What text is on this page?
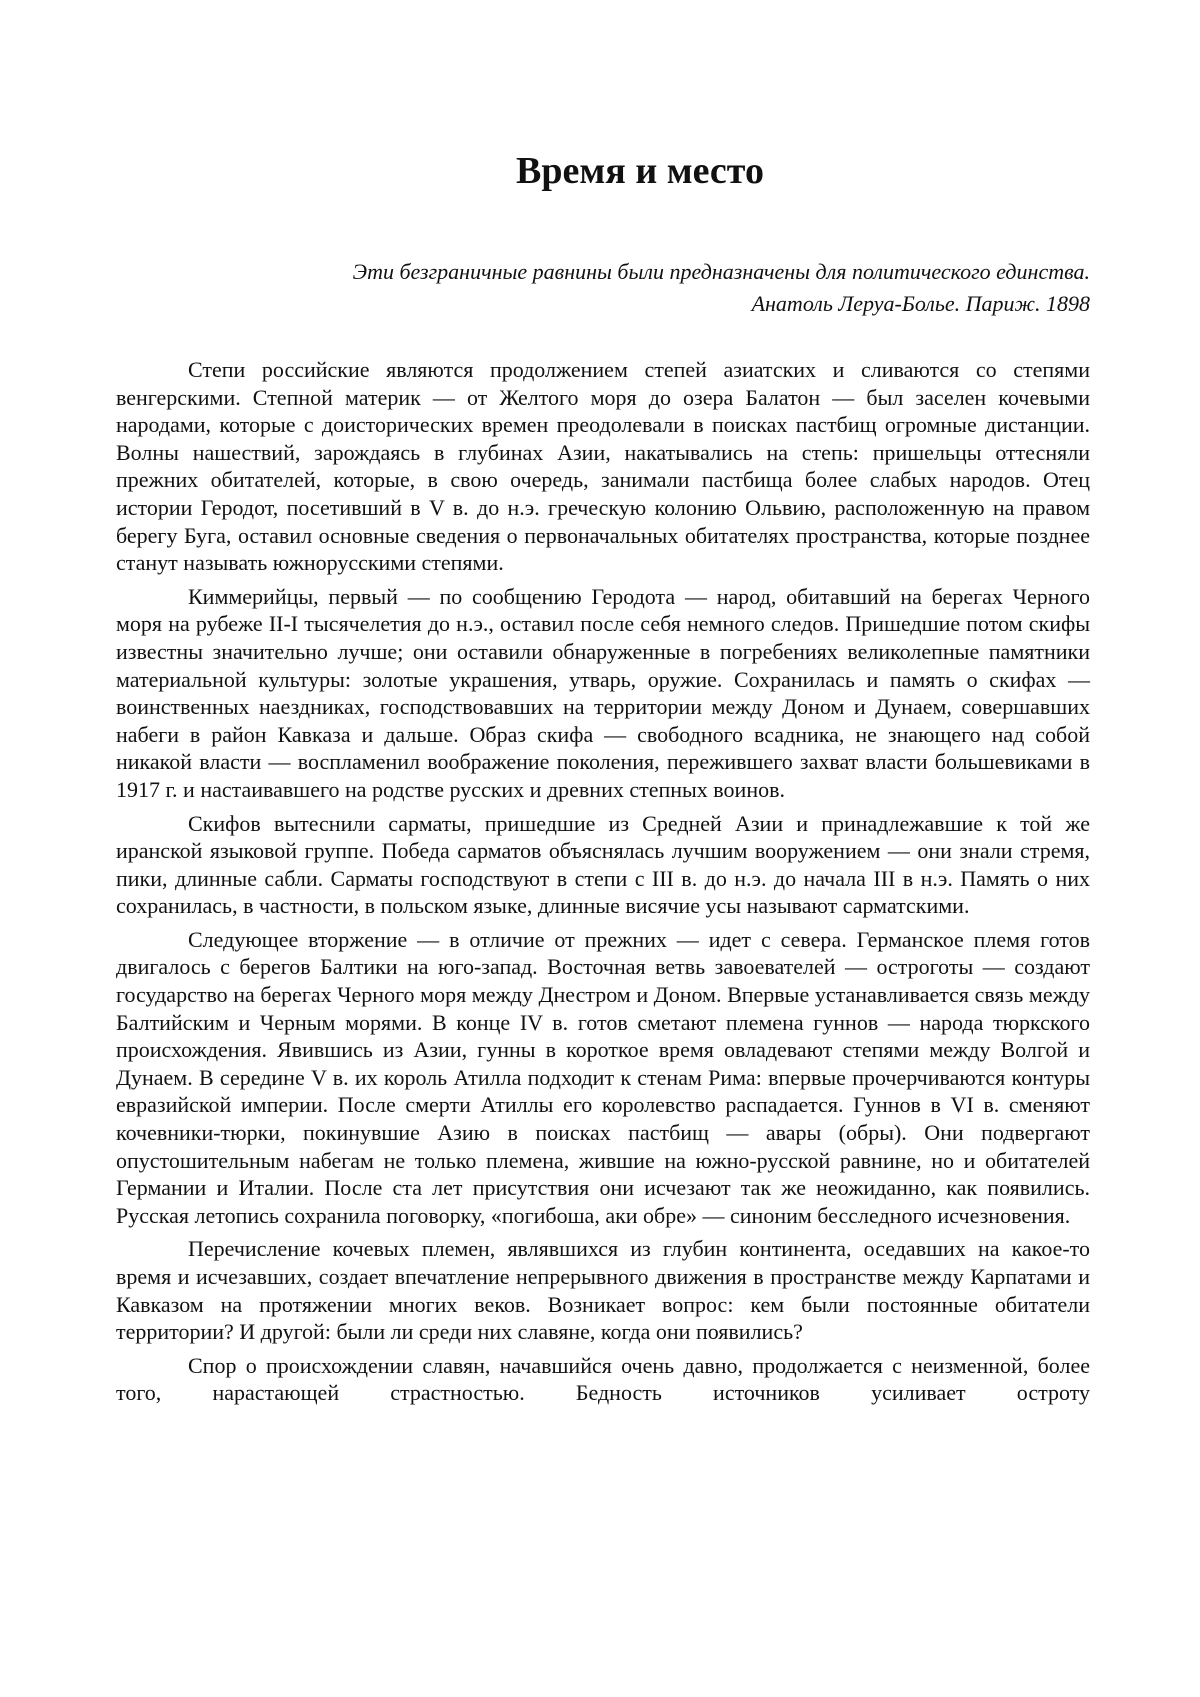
Время и место
Эти безграничные равнины были предназначены для политического единства.
Анатоль Леруа-Болье. Париж. 1898

Степи российские являются продолжением степей азиатских и сливаются со степями венгерскими. Степной материк — от Желтого моря до озера Балатон — был заселен кочевыми народами, которые с доисторических времен преодолевали в поисках пастбищ огромные дистанции. Волны нашествий, зарождаясь в глубинах Азии, накатывались на степь: пришельцы оттесняли прежних обитателей, которые, в свою очередь, занимали пастбища более слабых народов. Отец истории Геродот, посетивший в V в. до н.э. греческую колонию Ольвию, расположенную на правом берегу Буга, оставил основные сведения о первоначальных обитателях пространства, которые позднее станут называть южнорусскими степями.

Киммерийцы, первый — по сообщению Геродота — народ, обитавший на берегах Черного моря на рубеже II-I тысячелетия до н.э., оставил после себя немного следов. Пришедшие потом скифы известны значительно лучше; они оставили обнаруженные в погребениях великолепные памятники материальной культуры: золотые украшения, утварь, оружие. Сохранилась и память о скифах — воинственных наездниках, господствовавших на территории между Доном и Дунаем, совершавших набеги в район Кавказа и дальше. Образ скифа — свободного всадника, не знающего над собой никакой власти — воспламенил воображение поколения, пережившего захват власти большевиками в 1917 г. и настаивавшего на родстве русских и древних степных воинов.

Скифов вытеснили сарматы, пришедшие из Средней Азии и принадлежавшие к той же иранской языковой группе. Победа сарматов объяснялась лучшим вооружением — они знали стремя, пики, длинные сабли. Сарматы господствуют в степи с III в. до н.э. до начала III в н.э. Память о них сохранилась, в частности, в польском языке, длинные висячие усы называют сарматскими.

Следующее вторжение — в отличие от прежних — идет с севера. Германское племя готов двигалось с берегов Балтики на юго-запад. Восточная ветвь завоевателей — остроготы — создают государство на берегах Черного моря между Днестром и Доном. Впервые устанавливается связь между Балтийским и Черным морями. В конце IV в. готов сметают племена гуннов — народа тюркского происхождения. Явившись из Азии, гунны в короткое время овладевают степями между Волгой и Дунаем. В середине V в. их король Атилла подходит к стенам Рима: впервые прочерчиваются контуры евразийской империи. После смерти Атиллы его королевство распадается. Гуннов в VI в. сменяют кочевники-тюрки, покинувшие Азию в поисках пастбищ — авары (обры). Они подвергают опустошительным набегам не только племена, жившие на южно-русской равнине, но и обитателей Германии и Италии. После ста лет присутствия они исчезают так же неожиданно, как появились. Русская летопись сохранила поговорку, «погибоша, аки обре» — синоним бесследного исчезновения.

Перечисление кочевых племен, являвшихся из глубин континента, оседавших на какое-то время и исчезавших, создает впечатление непрерывного движения в пространстве между Карпатами и Кавказом на протяжении многих веков. Возникает вопрос: кем были постоянные обитатели территории? И другой: были ли среди них славяне, когда они появились?

Спор о происхождении славян, начавшийся очень давно, продолжается с неизменной, более того, нарастающей страстностью. Бедность источников усиливает остроту
